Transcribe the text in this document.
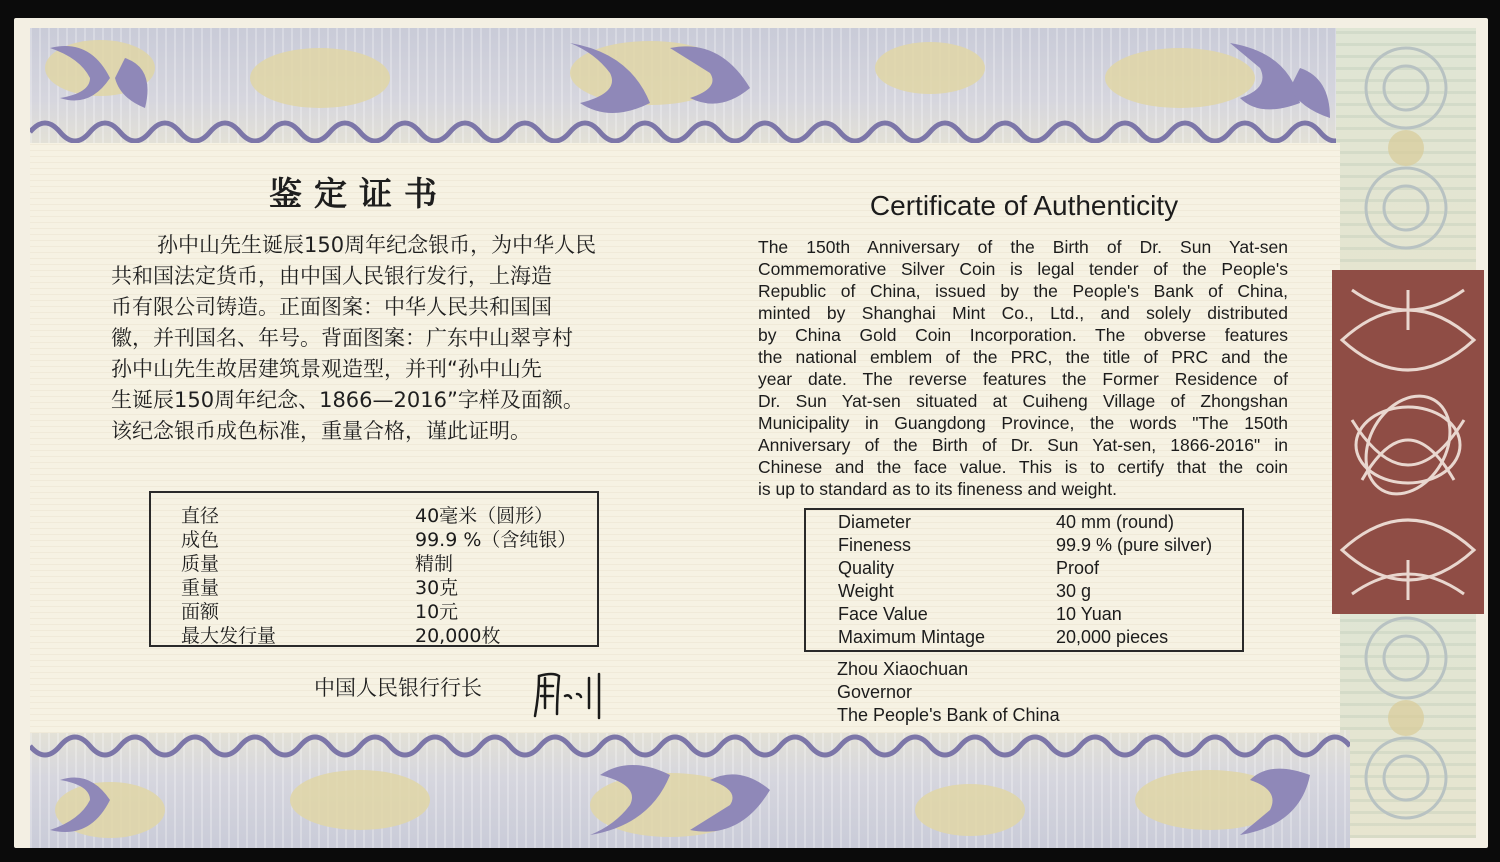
鉴定证书

孙中山先生诞辰150周年纪念银币，为中华人民

共和国法定货币，由中国人民银行发行，上海造

币有限公司铸造。正面图案：中华人民共和国国

徽，并刊国名、年号。背面图案：广东中山翠亨村

孙中山先生故居建筑景观造型，并刊“孙中山先

生诞辰150周年纪念、1866—2016”字样及面额。

该纪念银币成色标准，重量合格，谨此证明。

直径	40毫米（圆形）
成色	99.9 %（含纯银）
质量	精制
重量	30克
面额	10元
最大发行量	20,000枚
中国人民银行行长
Certificate of Authenticity

The 150th Anniversary of the Birth of Dr. Sun Yat-sen

Commemorative Silver Coin is legal tender of the People's

Republic of China, issued by the People's Bank of China,

minted by Shanghai Mint Co., Ltd., and solely distributed

by China Gold Coin Incorporation. The obverse features

the national emblem of the PRC, the title of PRC and the

year date. The reverse features the Former Residence of

Dr. Sun Yat-sen situated at Cuiheng Village of Zhongshan

Municipality in Guangdong Province, the words "The 150th

Anniversary of the Birth of Dr. Sun Yat-sen, 1866-2016" in

Chinese and the face value. This is to certify that the coin

is up to standard as to its fineness and weight.

Diameter	40 mm (round)
Fineness	99.9 % (pure silver)
Quality	Proof
Weight	30 g
Face Value	10 Yuan
Maximum Mintage	20,000 pieces
Zhou Xiaochuan
Governor
The People's Bank of China
